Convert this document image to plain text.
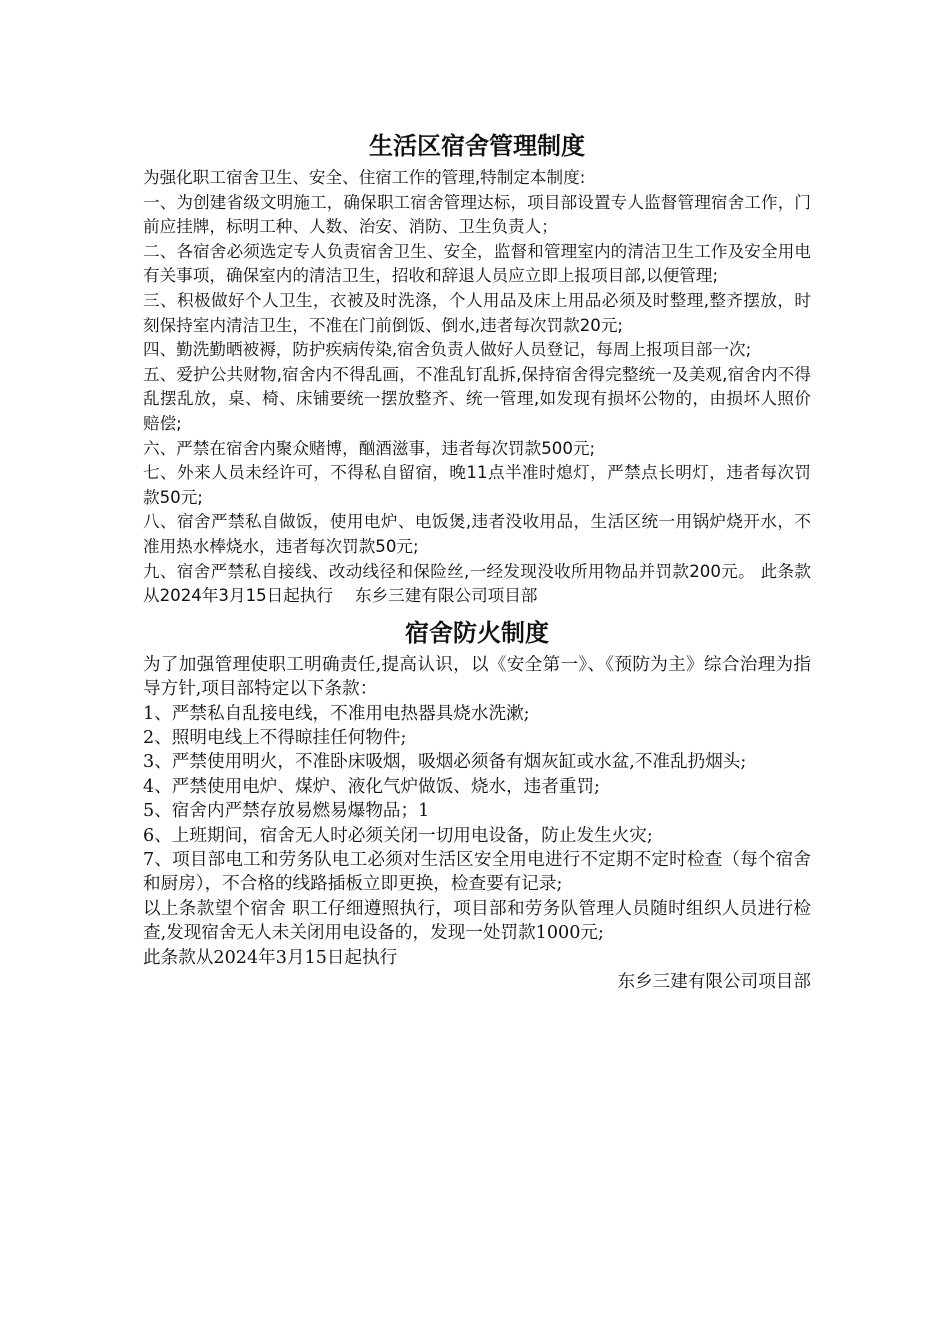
生活区宿舍管理制度

为强化职工宿舍卫生、安全、住宿工作的管理,特制定本制度:

一、为创建省级文明施工，确保职工宿舍管理达标，项目部设置专人监督管理宿舍工作，门前应挂牌，标明工种、人数、治安、消防、卫生负责人；

二、各宿舍必须选定专人负责宿舍卫生、安全，监督和管理室内的清洁卫生工作及安全用电有关事项，确保室内的清洁卫生，招收和辞退人员应立即上报项目部,以便管理;

三、积极做好个人卫生，衣被及时洗涤，个人用品及床上用品必须及时整理,整齐摆放，时刻保持室内清洁卫生，不准在门前倒饭、倒水,违者每次罚款20元;

四、勤洗勤晒被褥，防护疾病传染,宿舍负责人做好人员登记，每周上报项目部一次;

五、爱护公共财物,宿舍内不得乱画，不准乱钉乱拆,保持宿舍得完整统一及美观,宿舍内不得乱摆乱放，桌、椅、床铺要统一摆放整齐、统一管理,如发现有损坏公物的，由损坏人照价赔偿;

六、严禁在宿舍内聚众赌博，酗酒滋事，违者每次罚款500元;

七、外来人员未经许可，不得私自留宿，晚11点半准时熄灯，严禁点长明灯，违者每次罚款50元;

八、宿舍严禁私自做饭，使用电炉、电饭煲,违者没收用品，生活区统一用锅炉烧开水，不准用热水棒烧水，违者每次罚款50元;

九、宿舍严禁私自接线、改动线径和保险丝,一经发现没收所用物品并罚款200元。 此条款从2024年3月15日起执行　 东乡三建有限公司项目部

宿舍防火制度

为了加强管理使职工明确责任,提高认识，以《安全第一》、《预防为主》综合治理为指导方针,项目部特定以下条款：

1、严禁私自乱接电线，不准用电热器具烧水洗漱;

2、照明电线上不得晾挂任何物件;

3、严禁使用明火，不准卧床吸烟，吸烟必须备有烟灰缸或水盆,不准乱扔烟头;

4、严禁使用电炉、煤炉、液化气炉做饭、烧水，违者重罚;

5、宿舍内严禁存放易燃易爆物品；1

6、上班期间，宿舍无人时必须关闭一切用电设备，防止发生火灾;

7、项目部电工和劳务队电工必须对生活区安全用电进行不定期不定时检查（每个宿舍和厨房），不合格的线路插板立即更换，检查要有记录;

以上条款望个宿舍 职工仔细遵照执行，项目部和劳务队管理人员随时组织人员进行检查,发现宿舍无人未关闭用电设备的，发现一处罚款1000元;

此条款从2024年3月15日起执行

东乡三建有限公司项目部
